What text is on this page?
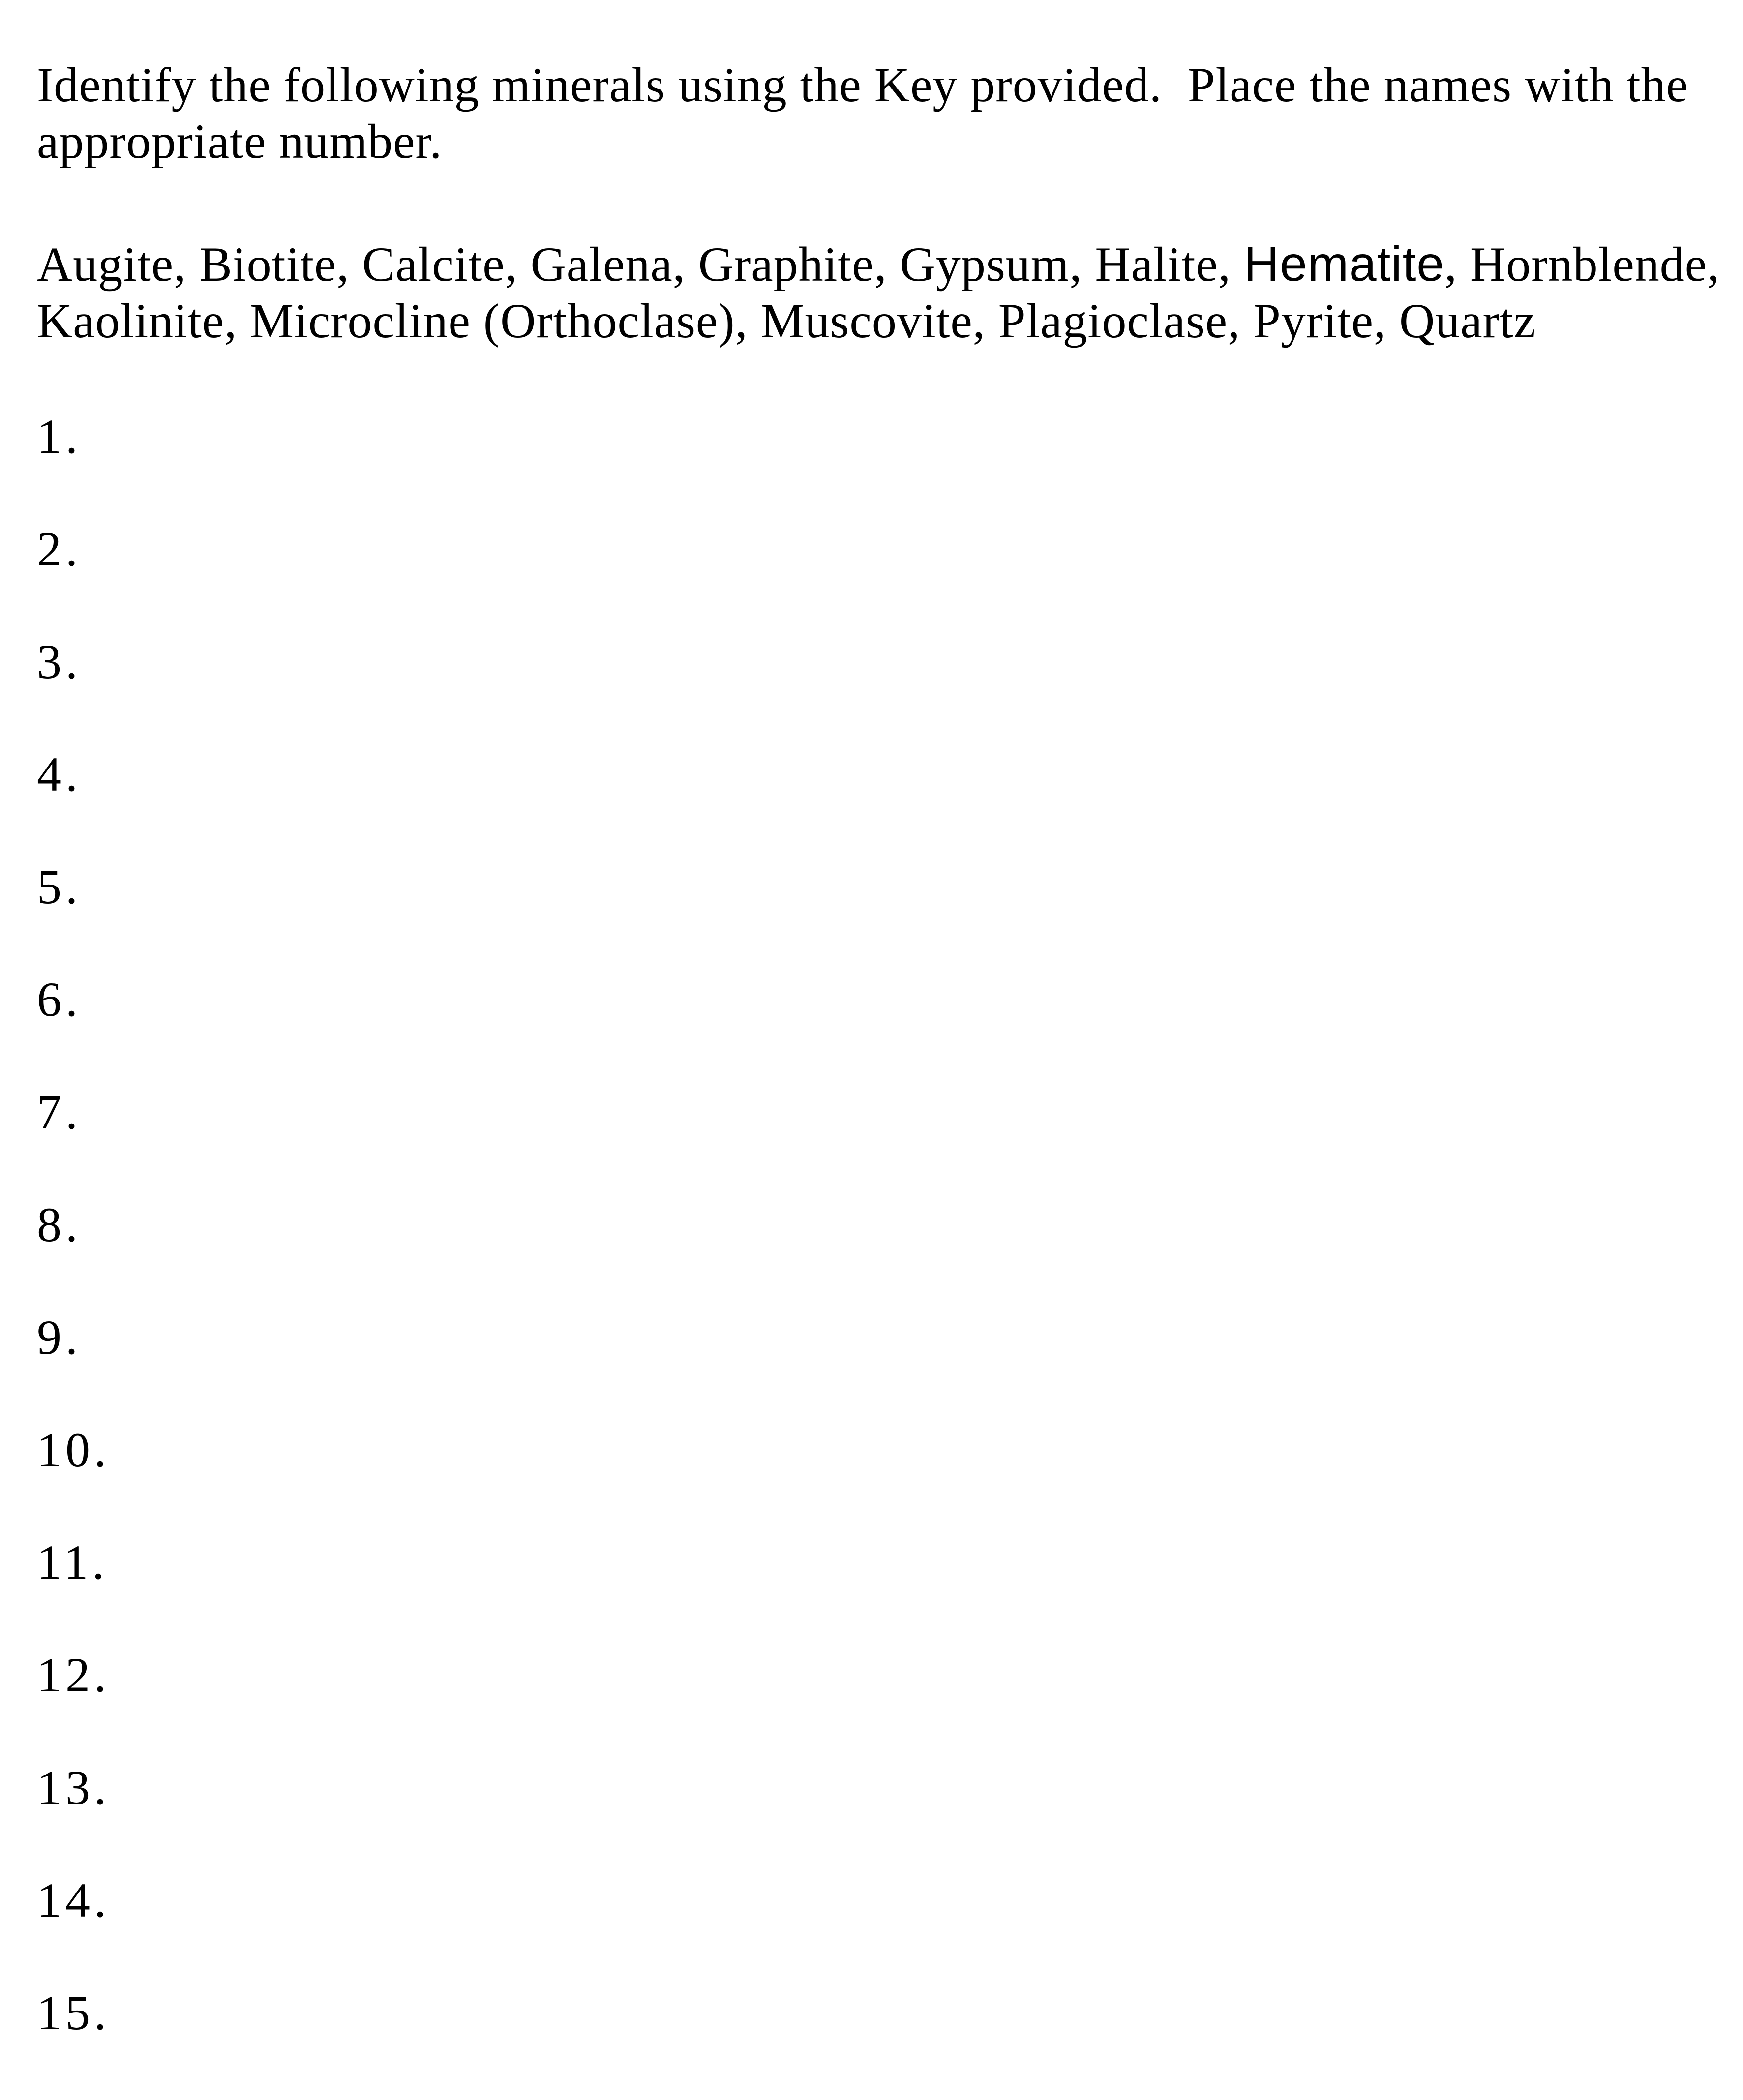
Identify the following minerals using the Key provided.  Place the names with the
appropriate number.
Augite, Biotite, Calcite, Galena, Graphite, Gypsum, Halite, Hematite, Hornblende,
Kaolinite, Microcline (Orthoclase), Muscovite, Plagioclase, Pyrite, Quartz
1.
2.
3.
4.
5.
6.
7.
8.
9.
10.
11.
12.
13.
14.
15.
